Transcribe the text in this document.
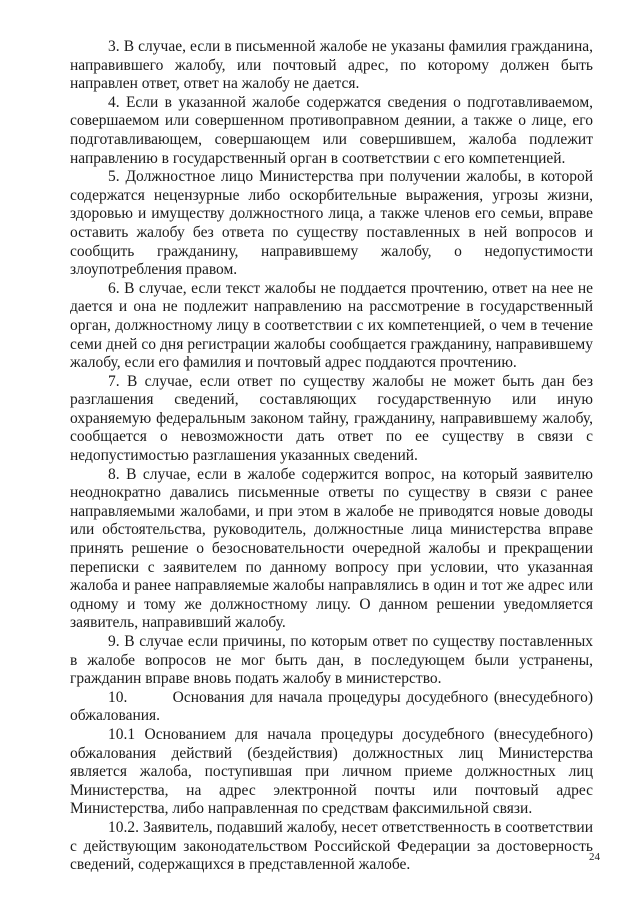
3. В случае, если в письменной жалобе не указаны фамилия гражданина, направившего жалобу, или почтовый адрес, по которому должен быть направлен ответ, ответ на жалобу не дается.

4. Если в указанной жалобе содержатся сведения о подготавливаемом, совершаемом или совершенном противоправном деянии, а также о лице, его подготавливающем, совершающем или совершившем, жалоба подлежит направлению в государственный орган в соответствии с его компетенцией.

5. Должностное лицо Министерства при получении жалобы, в которой содержатся нецензурные либо оскорбительные выражения, угрозы жизни, здоровью и имуществу должностного лица, а также членов его семьи, вправе оставить жалобу без ответа по существу поставленных в ней вопросов и сообщить гражданину, направившему жалобу, о недопустимости злоупотребления правом.

6. В случае, если текст жалобы не поддается прочтению, ответ на нее не дается и она не подлежит направлению на рассмотрение в государственный орган, должностному лицу в соответствии с их компетенцией, о чем в течение семи дней со дня регистрации жалобы сообщается гражданину, направившему жалобу, если его фамилия и почтовый адрес поддаются прочтению.

7. В случае, если ответ по существу жалобы не может быть дан без разглашения сведений, составляющих государственную или иную охраняемую федеральным законом тайну, гражданину, направившему жалобу, сообщается о невозможности дать ответ по ее существу в связи с недопустимостью разглашения указанных сведений.

8. В случае, если в жалобе содержится вопрос, на который заявителю неоднократно давались письменные ответы по существу в связи с ранее направляемыми жалобами, и при этом в жалобе не приводятся новые доводы или обстоятельства, руководитель, должностные лица министерства вправе принять решение о безосновательности очередной жалобы и прекращении переписки с заявителем по данному вопросу при условии, что указанная жалоба и ранее направляемые жалобы направлялись в один и тот же адрес или одному и тому же должностному лицу. О данном решении уведомляется заявитель, направивший жалобу.

9. В случае если причины, по которым ответ по существу поставленных в жалобе вопросов не мог быть дан, в последующем были устранены, гражданин вправе вновь подать жалобу в министерство.

10.        Основания для начала процедуры досудебного (внесудебного) обжалования.

10.1 Основанием для начала процедуры досудебного (внесудебного) обжалования действий (бездействия) должностных лиц Министерства является жалоба, поступившая при личном приеме должностных лиц Министерства, на адрес электронной почты или почтовый адрес Министерства, либо направленная по средствам факсимильной связи.

10.2. Заявитель, подавший жалобу, несет ответственность в соответствии с действующим законодательством Российской Федерации за достоверность сведений, содержащихся в представленной жалобе.	24
